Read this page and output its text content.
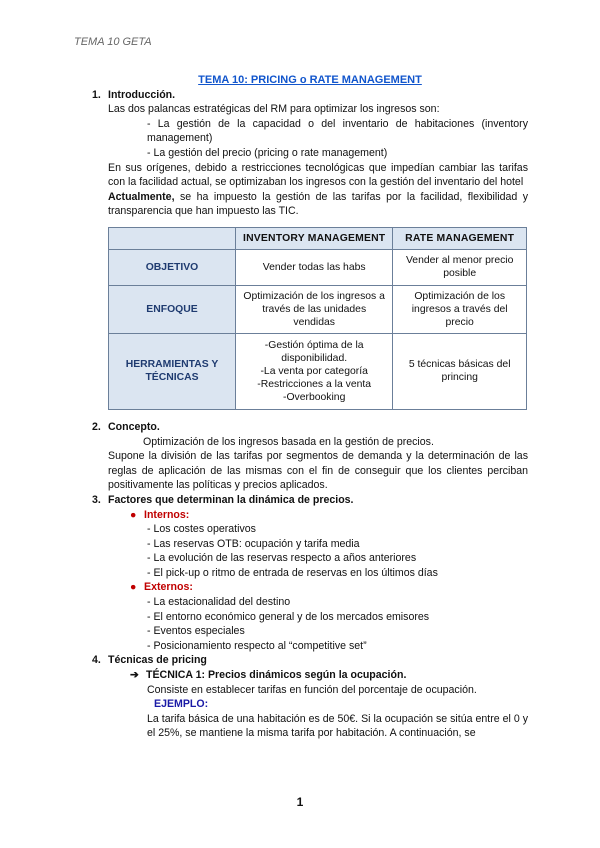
TEMA 10 GETA
TEMA 10: PRICING o RATE MANAGEMENT
1. Introducción.
Las dos palancas estratégicas del RM para optimizar los ingresos son:
- La gestión de la capacidad o del inventario de habitaciones (inventory management)
- La gestión del precio (pricing o rate management)
En sus orígenes, debido a restricciones tecnológicas que impedían cambiar las tarifas con la facilidad actual, se optimizaban los ingresos con la gestión del inventario del hotel
Actualmente, se ha impuesto la gestión de las tarifas por la facilidad, flexibilidad y transparencia que han impuesto las TIC.
	INVENTORY MANAGEMENT	RATE MANAGEMENT
OBJETIVO	Vender todas las habs	Vender al menor precio posible
ENFOQUE	Optimización de los ingresos a través de las unidades vendidas	Optimización de los ingresos a través del precio
HERRAMIENTAS Y TÉCNICAS	-Gestión óptima de la disponibilidad.
-La venta por categoría
-Restricciones a la venta
-Overbooking	5 técnicas básicas del princing
2. Concepto.
Optimización de los ingresos basada en la gestión de precios.
Supone la división de las tarifas por segmentos de demanda y la determinación de las reglas de aplicación de las mismas con el fin de conseguir que los clientes perciban positivamente las políticas y precios aplicados.
3. Factores que determinan la dinámica de precios.
● Internos:
- Los costes operativos
- Las reservas OTB: ocupación y tarifa media
- La evolución de las reservas respecto a años anteriores
- El pick-up o ritmo de entrada de reservas en los últimos días
● Externos:
- La estacionalidad del destino
- El entorno económico general y de los mercados emisores
- Eventos especiales
- Posicionamiento respecto al “competitive set”
4. Técnicas de pricing
➔ TÉCNICA 1: Precios dinámicos según la ocupación.
Consiste en establecer tarifas en función del porcentaje de ocupación.
EJEMPLO:
La tarifa básica de una habitación es de 50€. Si la ocupación se sitúa entre el 0 y el 25%, se mantiene la misma tarifa por habitación. A continuación, se
1
